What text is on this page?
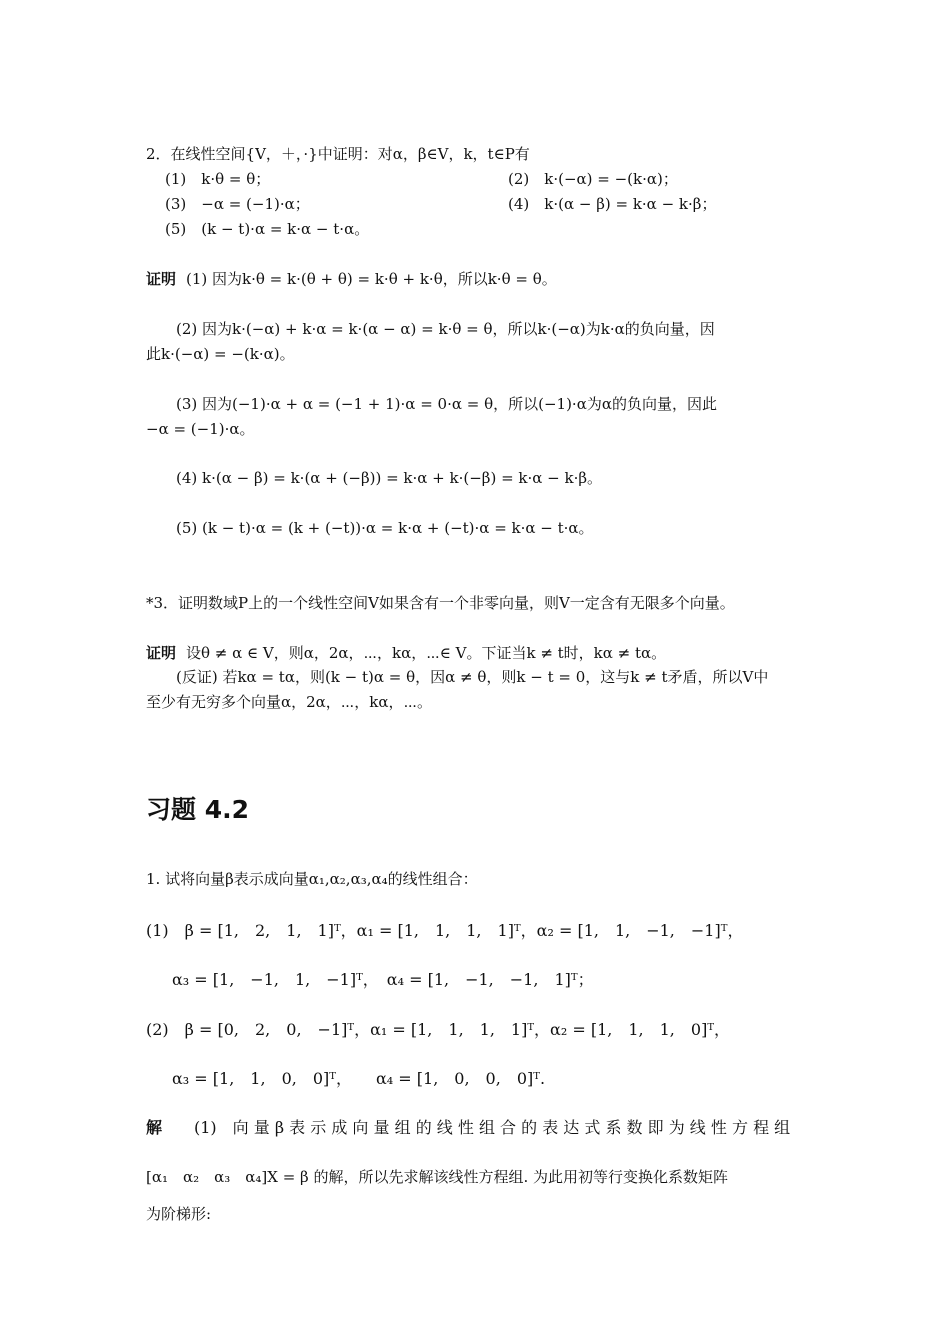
2．在线性空间{V，＋，·}中证明：对α，β∈V，k，t∈P有
(1)　k·θ = θ；	(2)　k·(−α) = −(k·α)；
(3)　−α = (−1)·α；	(4)　k·(α − β) = k·α − k·β；
(5)　(k − t)·α = k·α − t·α。
证明 (1) 因为k·θ = k·(θ + θ) = k·θ + k·θ，所以k·θ = θ。
(2) 因为k·(−α) + k·α = k·(α − α) = k·θ = θ，所以k·(−α)为k·α的负向量，因
此k·(−α) = −(k·α)。
(3) 因为(−1)·α + α = (−1 + 1)·α = 0·α = θ，所以(−1)·α为α的负向量，因此
−α = (−1)·α。
(4) k·(α − β) = k·(α + (−β)) = k·α + k·(−β) = k·α − k·β。
(5) (k − t)·α = (k + (−t))·α = k·α + (−t)·α = k·α − t·α。
*3．证明数域P上的一个线性空间V如果含有一个非零向量，则V一定含有无限多个向量。
证明 设θ ≠ α ∈ V，则α，2α，⋯，kα，⋯∈ V。下证当k ≠ t时，kα ≠ tα。
(反证) 若kα = tα，则(k − t)α = θ，因α ≠ θ，则k − t = 0，这与k ≠ t矛盾，所以V中
至少有无穷多个向量α，2α，⋯，kα，⋯。
习题 4.2
1. 试将向量β表示成向量α₁,α₂,α₃,α₄的线性组合：
(1)　β = [1,　2,　1,　1]ᵀ，α₁ = [1,　1,　1,　1]ᵀ，α₂ = [1,　1,　−1,　−1]ᵀ，
α₃ = [1,　−1,　1,　−1]ᵀ，　α₄ = [1,　−1,　−1,　1]ᵀ；
(2)　β = [0,　2,　0,　−1]ᵀ，α₁ = [1,　1,　1,　1]ᵀ，α₂ = [1,　1,　1,　0]ᵀ，
α₃ = [1,　1,　0,　0]ᵀ，　　α₄ = [1,　0,　0,　0]ᵀ.
解 (1)　向 量 β 表 示 成 向 量 组 的 线 性 组 合 的 表 达 式 系 数 即 为 线 性 方 程 组
[α₁　α₂　α₃　α₄]X = β 的解，所以先求解该线性方程组. 为此用初等行变换化系数矩阵
为阶梯形:
